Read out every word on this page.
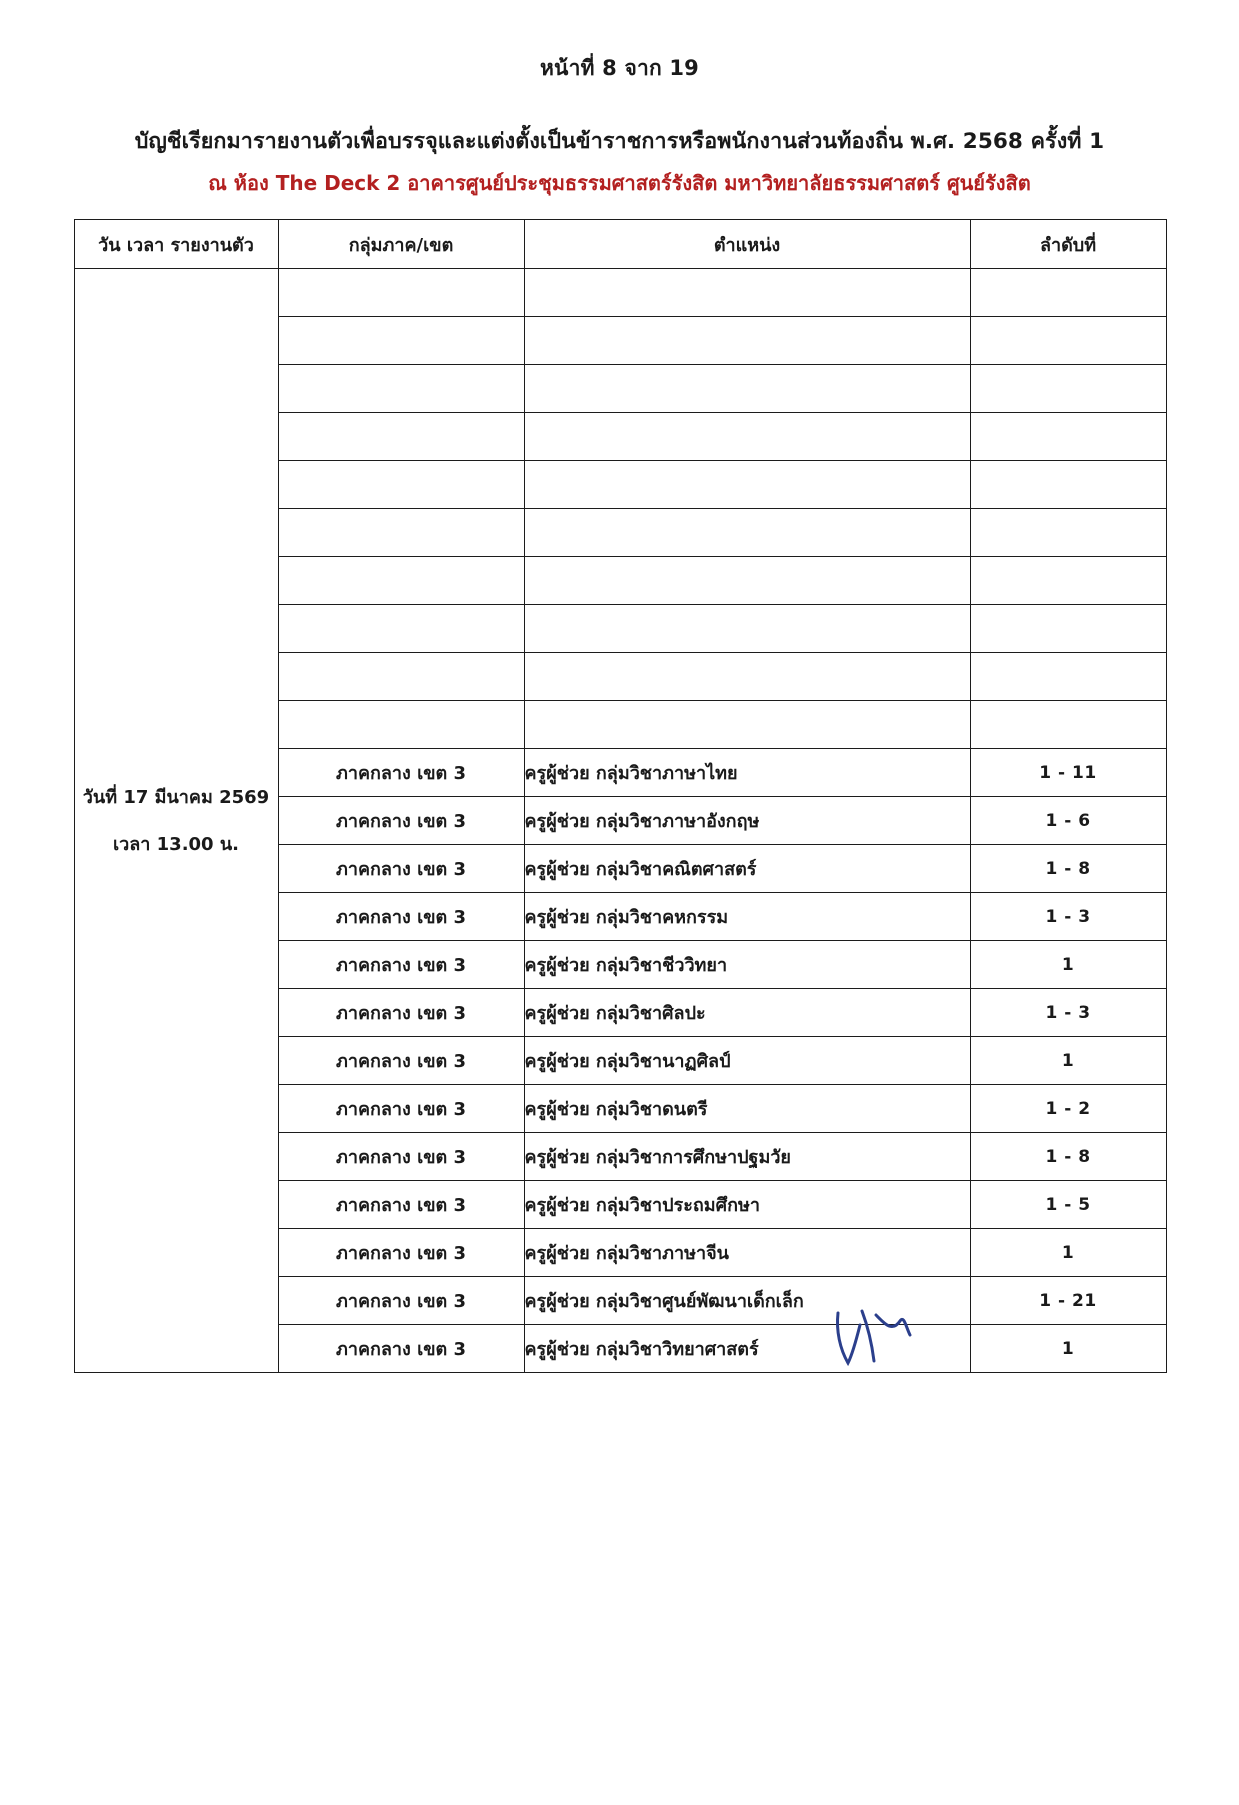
หน้าที่ 8 จาก 19
บัญชีเรียกมารายงานตัวเพื่อบรรจุและแต่งตั้งเป็นข้าราชการหรือพนักงานส่วนท้องถิ่น พ.ศ. 2568 ครั้งที่ 1
ณ ห้อง The Deck 2 อาคารศูนย์ประชุมธรรมศาสตร์รังสิต มหาวิทยาลัยธรรมศาสตร์ ศูนย์รังสิต
วัน เวลา รายงานตัว	กลุ่มภาค/เขต	ตำแหน่ง	ลำดับที่

วันที่ 17 มีนาคม 2569
เวลา 13.00 น.			

	ภาคกลาง เขต 3	ครูผู้ช่วย กลุ่มวิชาภาษาไทย	1 - 11
	ภาคกลาง เขต 3	ครูผู้ช่วย กลุ่มวิชาภาษาอังกฤษ	1 - 6
	ภาคกลาง เขต 3	ครูผู้ช่วย กลุ่มวิชาคณิตศาสตร์	1 - 8
	ภาคกลาง เขต 3	ครูผู้ช่วย กลุ่มวิชาคหกรรม	1 - 3
	ภาคกลาง เขต 3	ครูผู้ช่วย กลุ่มวิชาชีววิทยา	1
	ภาคกลาง เขต 3	ครูผู้ช่วย กลุ่มวิชาศิลปะ	1 - 3
	ภาคกลาง เขต 3	ครูผู้ช่วย กลุ่มวิชานาฏศิลป์	1
	ภาคกลาง เขต 3	ครูผู้ช่วย กลุ่มวิชาดนตรี	1 - 2
	ภาคกลาง เขต 3	ครูผู้ช่วย กลุ่มวิชาการศึกษาปฐมวัย	1 - 8
	ภาคกลาง เขต 3	ครูผู้ช่วย กลุ่มวิชาประถมศึกษา	1 - 5
	ภาคกลาง เขต 3	ครูผู้ช่วย กลุ่มวิชาภาษาจีน	1
	ภาคกลาง เขต 3	ครูผู้ช่วย กลุ่มวิชาศูนย์พัฒนาเด็กเล็ก	1 - 21
	ภาคกลาง เขต 3	ครูผู้ช่วย กลุ่มวิชาวิทยาศาสตร์	1
